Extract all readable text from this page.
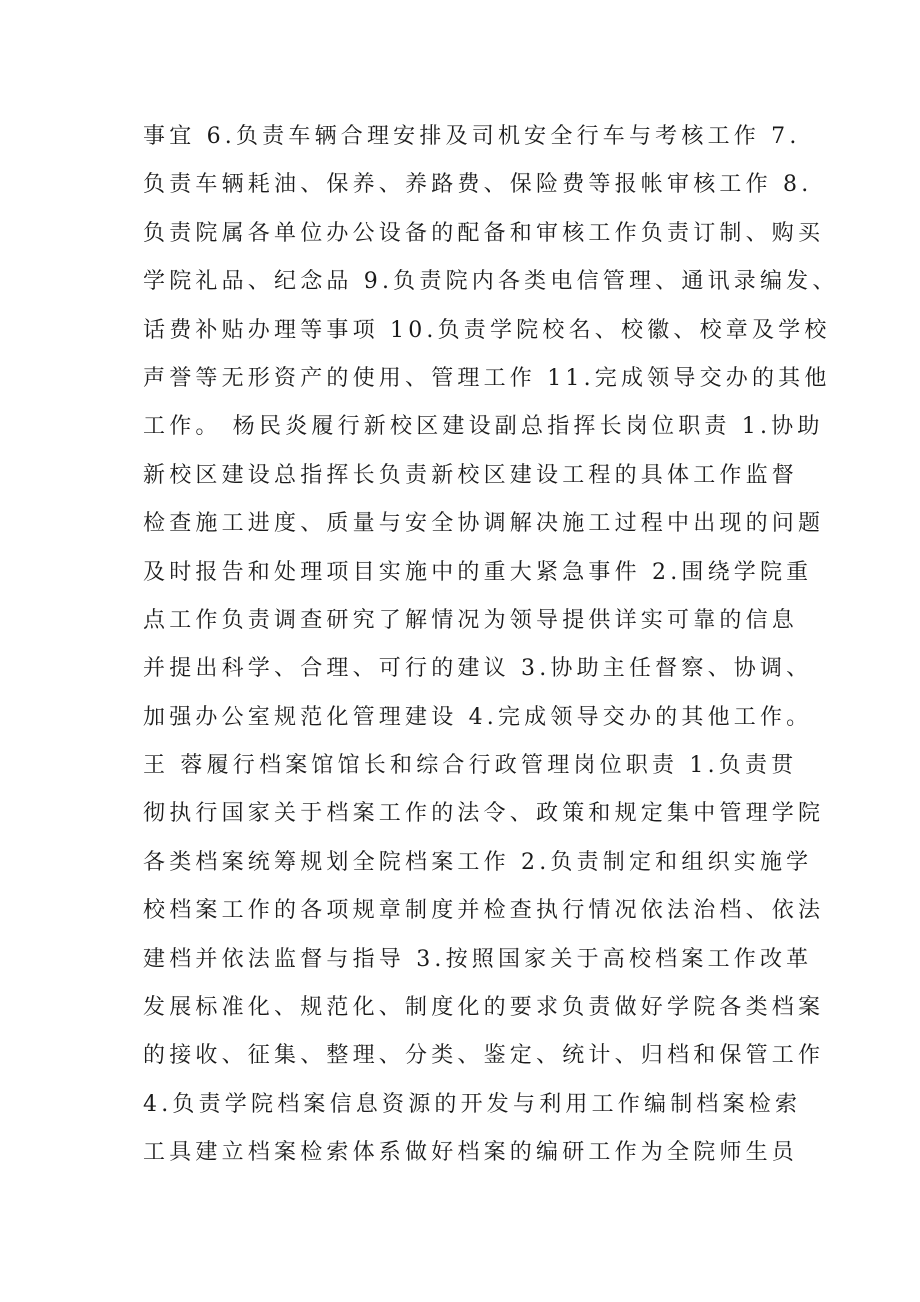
事宜 6.负责车辆合理安排及司机安全行车与考核工作 7.
负责车辆耗油、保养、养路费、保险费等报帐审核工作 8.
负责院属各单位办公设备的配备和审核工作负责订制、购买
学院礼品、纪念品 9.负责院内各类电信管理、通讯录编发、
话费补贴办理等事项 10.负责学院校名、校徽、校章及学校
声誉等无形资产的使用、管理工作 11.完成领导交办的其他
工作。 杨民炎履行新校区建设副总指挥长岗位职责 1.协助
新校区建设总指挥长负责新校区建设工程的具体工作监督
检查施工进度、质量与安全协调解决施工过程中出现的问题
及时报告和处理项目实施中的重大紧急事件 2.围绕学院重
点工作负责调查研究了解情况为领导提供详实可靠的信息
并提出科学、合理、可行的建议 3.协助主任督察、协调、
加强办公室规范化管理建设 4.完成领导交办的其他工作。
王 蓉履行档案馆馆长和综合行政管理岗位职责 1.负责贯
彻执行国家关于档案工作的法令、政策和规定集中管理学院
各类档案统筹规划全院档案工作 2.负责制定和组织实施学
校档案工作的各项规章制度并检查执行情况依法治档、依法
建档并依法监督与指导 3.按照国家关于高校档案工作改革
发展标准化、规范化、制度化的要求负责做好学院各类档案
的接收、征集、整理、分类、鉴定、统计、归档和保管工作
4.负责学院档案信息资源的开发与利用工作编制档案检索
工具建立档案检索体系做好档案的编研工作为全院师生员
